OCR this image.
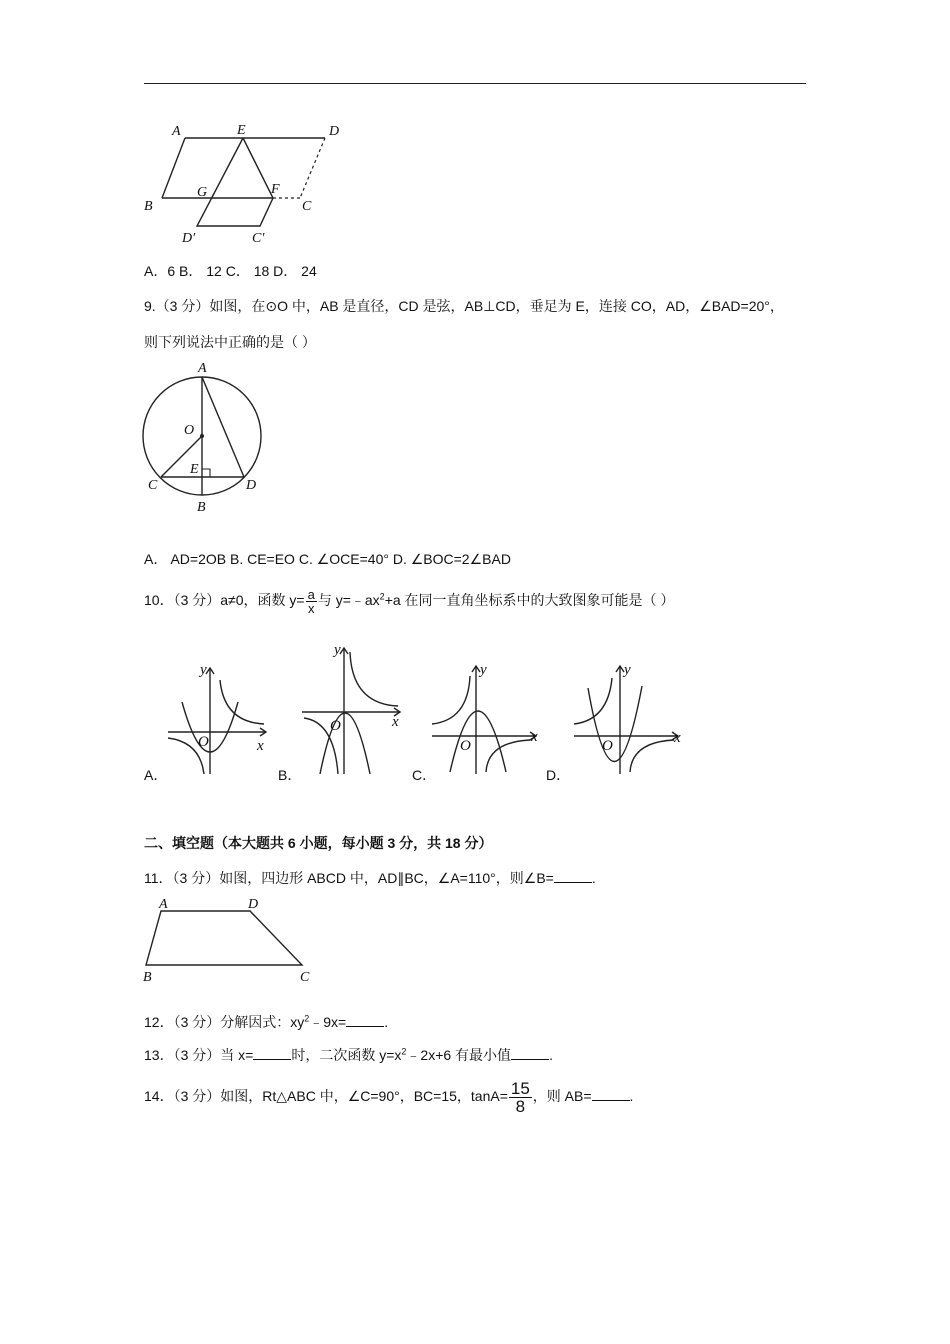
A	E	D
B
G	F
C
D′	C′
A．6 B． 12 C． 18 D． 24
9.（3 分）如图，在⊙O 中，AB 是直径，CD 是弦，AB⊥CD，垂足为 E，连接 CO，AD，∠BAD=20°，
则下列说法中正确的是（ ）
A
O
E
C	D
B
A． AD=2OB B. CE=EO C. ∠OCE=40° D. ∠BOC=2∠BAD
10．（3 分）a≠0，函数 $y= \frac{a}{x}$ 与 $y=﹣ax^2+a$ 在同一直角坐标系中的大致图象可能是（ ）
y
x
O
y
x
O
y
x
O
y
x
O
A．	B．	C．	D．
二、填空题（本大题共 6 小题，每小题 3 分，共 18 分）
11．（3 分）如图，四边形 ABCD 中，AD∥BC，∠A=110°，则∠B=	.
A	D
B	C
12．（3 分）分解因式：$xy^2﹣9x=$	.
13．（3 分）当 x=	时，二次函数 $y=x^2﹣2x+6$ 有最小值	.
14．（3 分）如图，Rt△ABC 中，∠C=90°，BC=15，$\tan A= \frac{15}{8}$ ，则 AB=	.
